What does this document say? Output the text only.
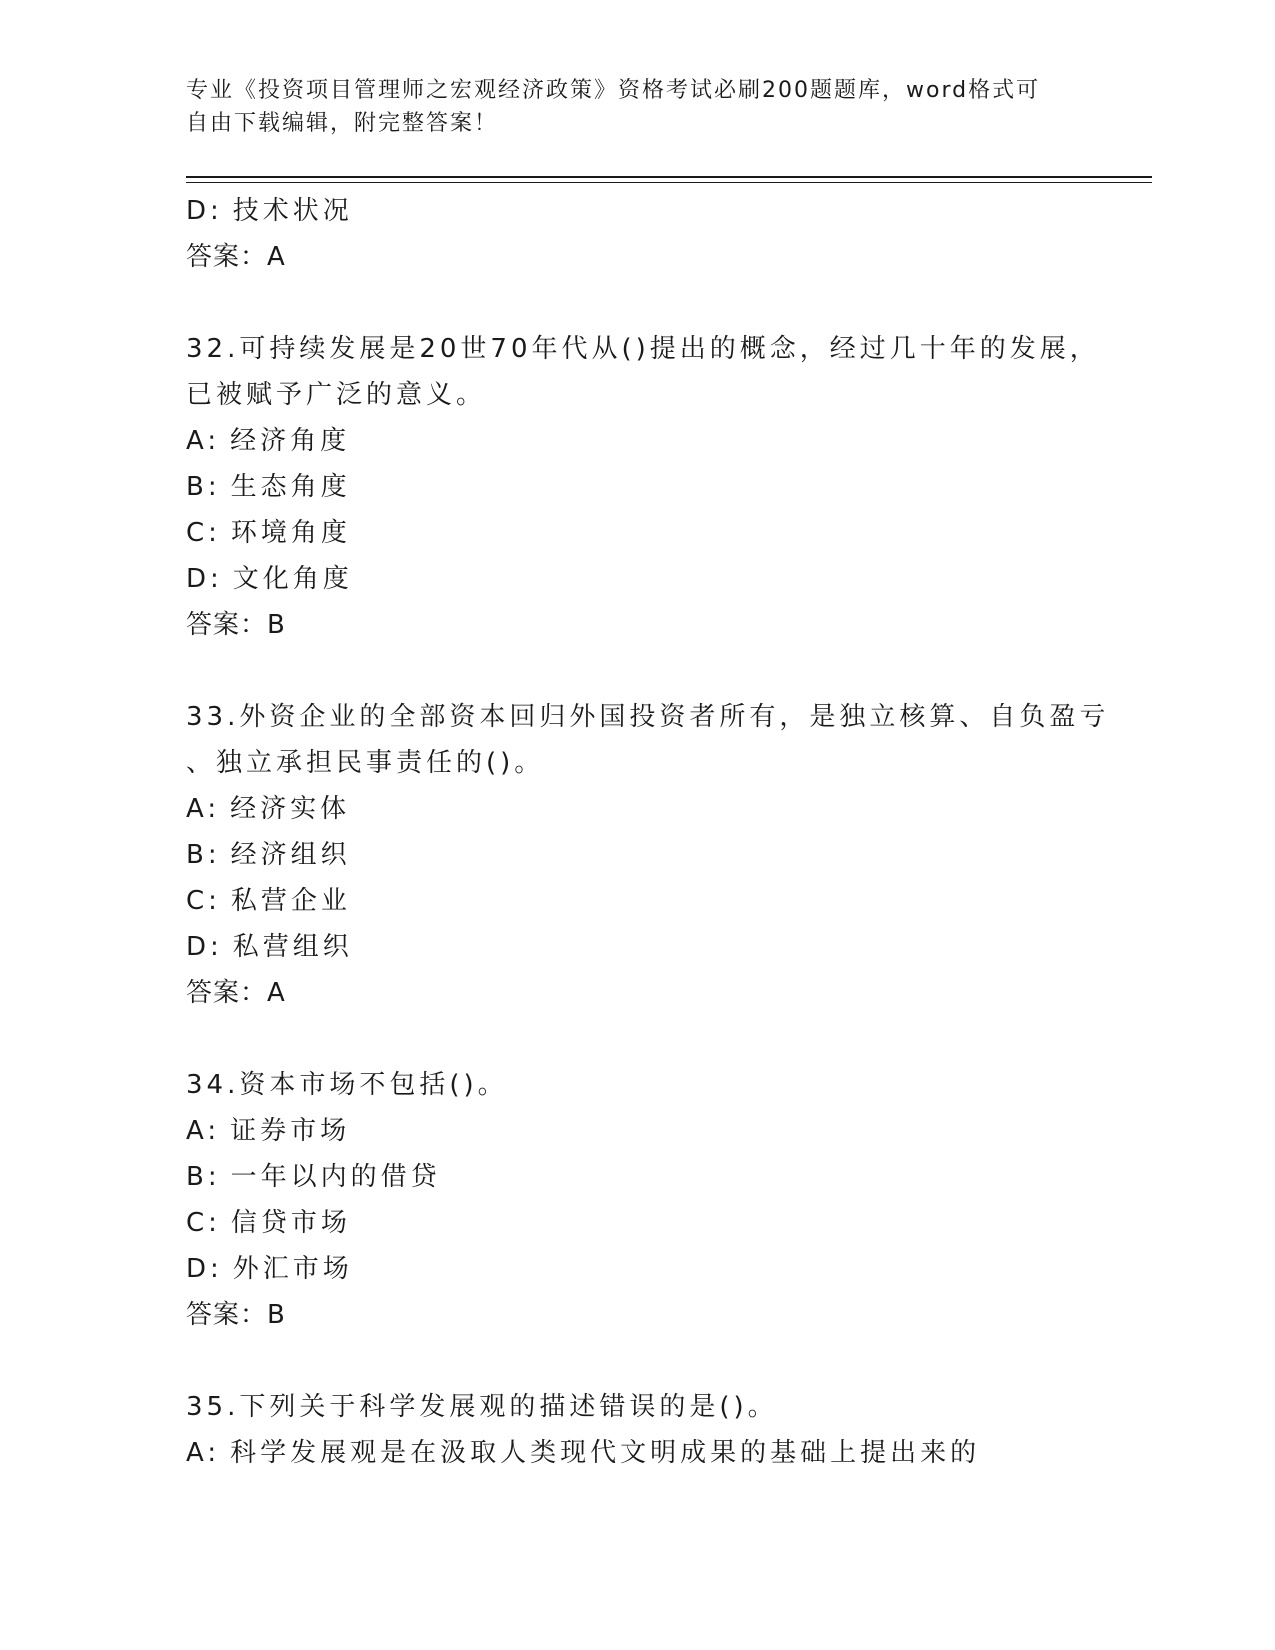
专业《投资项目管理师之宏观经济政策》资格考试必刷200题题库，word格式可
自由下载编辑，附完整答案！
D: 技术状况
答案：A
32.可持续发展是20世70年代从()提出的概念，经过几十年的发展，
已被赋予广泛的意义。
A: 经济角度
B: 生态角度
C: 环境角度
D: 文化角度
答案：B
33.外资企业的全部资本回归外国投资者所有，是独立核算、自负盈亏
、独立承担民事责任的()。
A: 经济实体
B: 经济组织
C: 私营企业
D: 私营组织
答案：A
34.资本市场不包括()。
A: 证券市场
B: 一年以内的借贷
C: 信贷市场
D: 外汇市场
答案：B
35.下列关于科学发展观的描述错误的是()。
A: 科学发展观是在汲取人类现代文明成果的基础上提出来的
